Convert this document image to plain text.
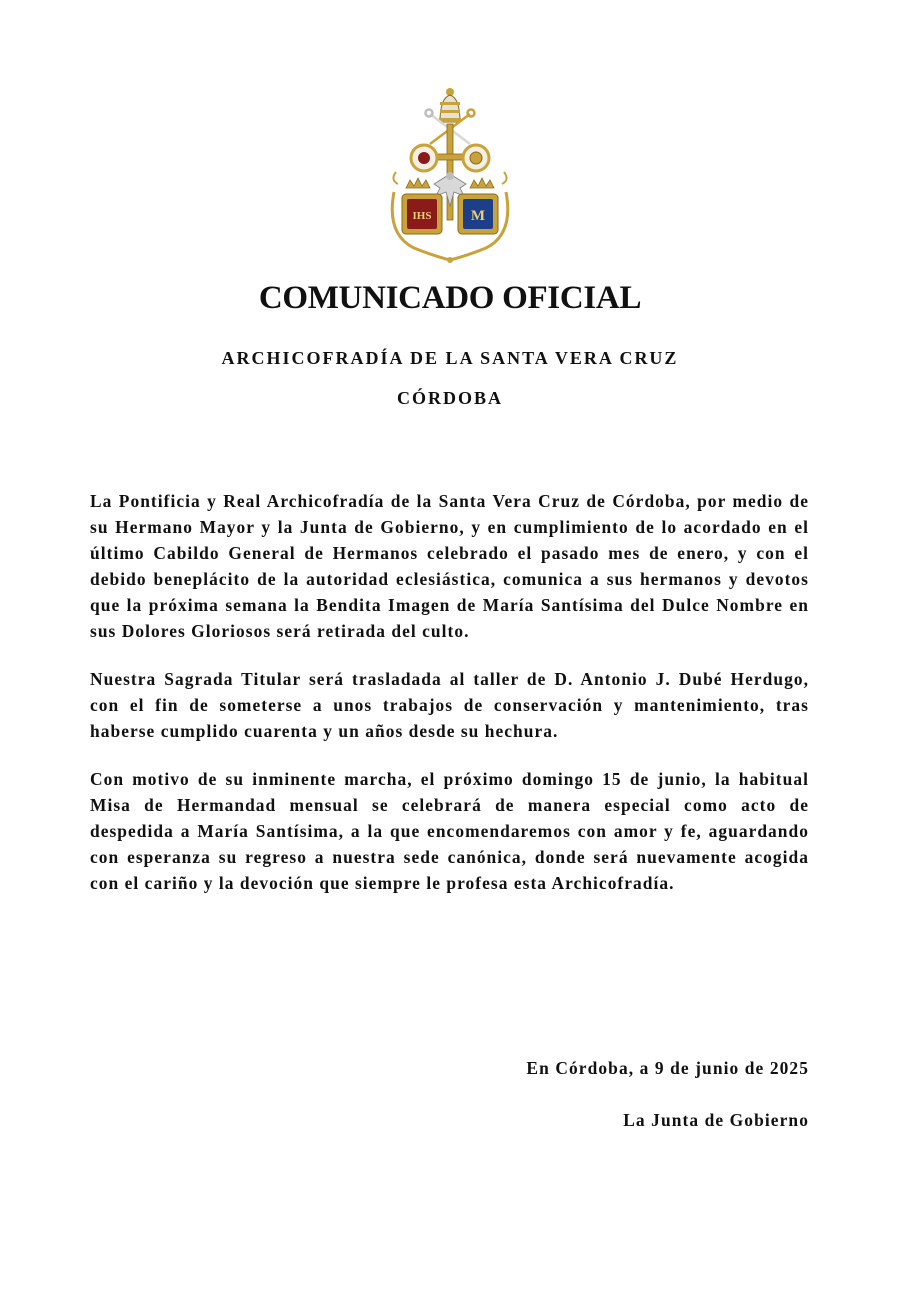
IHS	M
COMUNICADO OFICIAL
ARCHICOFRADÍA DE LA SANTA VERA CRUZ
CÓRDOBA

La Pontificia y Real Archicofradía de la Santa Vera Cruz de Córdoba, por medio de su Hermano Mayor y la Junta de Gobierno, y en cumplimiento de lo acordado en el último Cabildo General de Hermanos celebrado el pasado mes de enero, y con el debido beneplácito de la autoridad eclesiástica, comunica a sus hermanos y devotos que la próxima semana la Bendita Imagen de María Santísima del Dulce Nombre en sus Dolores Gloriosos será retirada del culto.

Nuestra Sagrada Titular será trasladada al taller de D. Antonio J. Dubé Herdugo, con el fin de someterse a unos trabajos de conservación y mantenimiento, tras haberse cumplido cuarenta y un años desde su hechura.

Con motivo de su inminente marcha, el próximo domingo 15 de junio, la habitual Misa de Hermandad mensual se celebrará de manera especial como acto de despedida a María Santísima, a la que encomendaremos con amor y fe, aguardando con esperanza su regreso a nuestra sede canónica, donde será nuevamente acogida con el cariño y la devoción que siempre le profesa esta Archicofradía.

En Córdoba, a 9 de junio de 2025
La Junta de Gobierno
